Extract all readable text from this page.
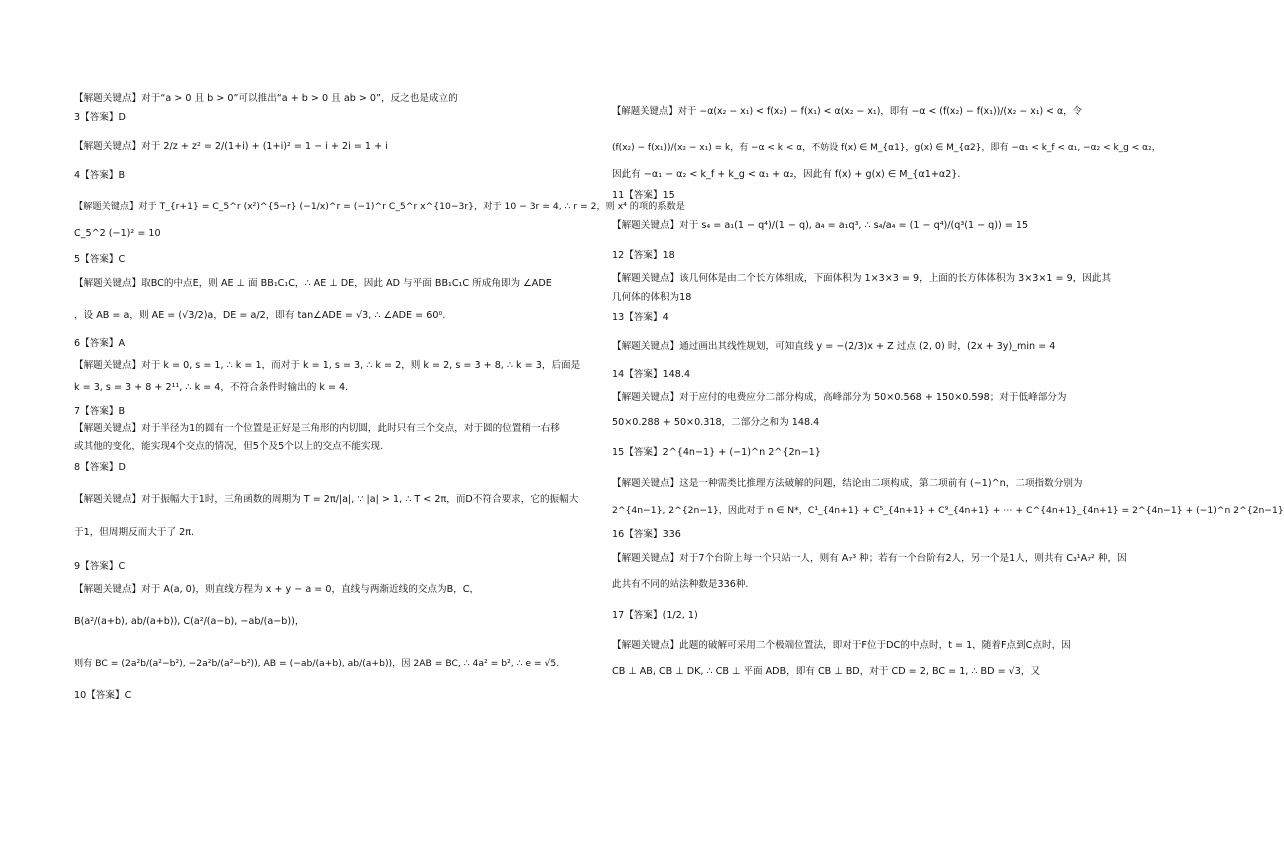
【解题关键点】对于“a > 0 且 b > 0”可以推出“a + b > 0 且 ab > 0”，反之也是成立的
3【答案】D
【解题关键点】对于 2/z + z² = 2/(1+i) + (1+i)² = 1 − i + 2i = 1 + i
4【答案】B
【解题关键点】对于 T_{r+1} = C_5^r (x²)^{5−r} (−1/x)^r = (−1)^r C_5^r x^{10−3r}，对于 10 − 3r = 4, ∴ r = 2，则 x⁴ 的项的系数是
C_5^2 (−1)² = 10
5【答案】C
【解题关键点】取BC的中点E，则 AE ⊥ 面 BB₁C₁C，∴ AE ⊥ DE，因此 AD 与平面 BB₁C₁C 所成角即为 ∠ADE
，设 AB = a，则 AE = (√3/2)a，DE = a/2，即有 tan∠ADE = √3, ∴ ∠ADE = 60⁰.
6【答案】A
【解题关键点】对于 k = 0, s = 1, ∴ k = 1，而对于 k = 1, s = 3, ∴ k = 2，则 k = 2, s = 3 + 8, ∴ k = 3，后面是
k = 3, s = 3 + 8 + 2¹¹, ∴ k = 4，不符合条件时输出的 k = 4.
7【答案】B
【解题关键点】对于半径为1的圆有一个位置是正好是三角形的内切圆，此时只有三个交点，对于圆的位置稍一右移
或其他的变化，能实现4个交点的情况，但5个及5个以上的交点不能实现.
8【答案】D
【解题关键点】对于振幅大于1时，三角函数的周期为 T = 2π/|a|, ∵ |a| > 1, ∴ T < 2π，而D不符合要求，它的振幅大
于1，但周期反而大于了 2π.
9【答案】C
【解题关键点】对于 A(a, 0)，则直线方程为 x + y − a = 0，直线与两渐近线的交点为B，C，
B(a²/(a+b), ab/(a+b)), C(a²/(a−b), −ab/(a−b))，
则有 BC = (2a²b/(a²−b²), −2a²b/(a²−b²)), AB = (−ab/(a+b), ab/(a+b))，因 2AB = BC, ∴ 4a² = b², ∴ e = √5.
10【答案】C
【解题关键点】对于 −α(x₂ − x₁) < f(x₂) − f(x₁) < α(x₂ − x₁)，即有 −α < (f(x₂) − f(x₁))/(x₂ − x₁) < α，令
(f(x₂) − f(x₁))/(x₂ − x₁) = k，有 −α < k < α，不妨设 f(x) ∈ M_{α1}，g(x) ∈ M_{α2}，即有 −α₁ < k_f < α₁, −α₂ < k_g < α₂，
因此有 −α₁ − α₂ < k_f + k_g < α₁ + α₂，因此有 f(x) + g(x) ∈ M_{α1+α2}.
11【答案】15
【解题关键点】对于 s₄ = a₁(1 − q⁴)/(1 − q), a₄ = a₁q³, ∴ s₄/a₄ = (1 − q⁴)/(q³(1 − q)) = 15
12【答案】18
【解题关键点】该几何体是由二个长方体组成，下面体积为 1×3×3 = 9，上面的长方体体积为 3×3×1 = 9，因此其
几何体的体积为18
13【答案】4
【解题关键点】通过画出其线性规划，可知直线 y = −(2/3)x + Z 过点 (2, 0) 时，(2x + 3y)_min = 4
14【答案】148.4
【解题关键点】对于应付的电费应分二部分构成，高峰部分为 50×0.568 + 150×0.598；对于低峰部分为
50×0.288 + 50×0.318，二部分之和为 148.4
15【答案】2^{4n−1} + (−1)^n 2^{2n−1}
【解题关键点】这是一种需类比推理方法破解的问题，结论由二项构成，第二项前有 (−1)^n，二项指数分别为
2^{4n−1}, 2^{2n−1}，因此对于 n ∈ N*，C¹_{4n+1} + C⁵_{4n+1} + C⁹_{4n+1} + ⋯ + C^{4n+1}_{4n+1} = 2^{4n−1} + (−1)^n 2^{2n−1}
16【答案】336
【解题关键点】对于7个台阶上每一个只站一人，则有 A₇³ 种；若有一个台阶有2人，另一个是1人，则共有 C₃¹A₇² 种，因此共有不同的站法种数是336种.
17【答案】(1/2, 1)
【解题关键点】此题的破解可采用二个极端位置法，即对于F位于DC的中点时，t = 1，随着F点到C点时，因
CB ⊥ AB, CB ⊥ DK, ∴ CB ⊥ 平面 ADB，即有 CB ⊥ BD，对于 CD = 2, BC = 1, ∴ BD = √3，又
